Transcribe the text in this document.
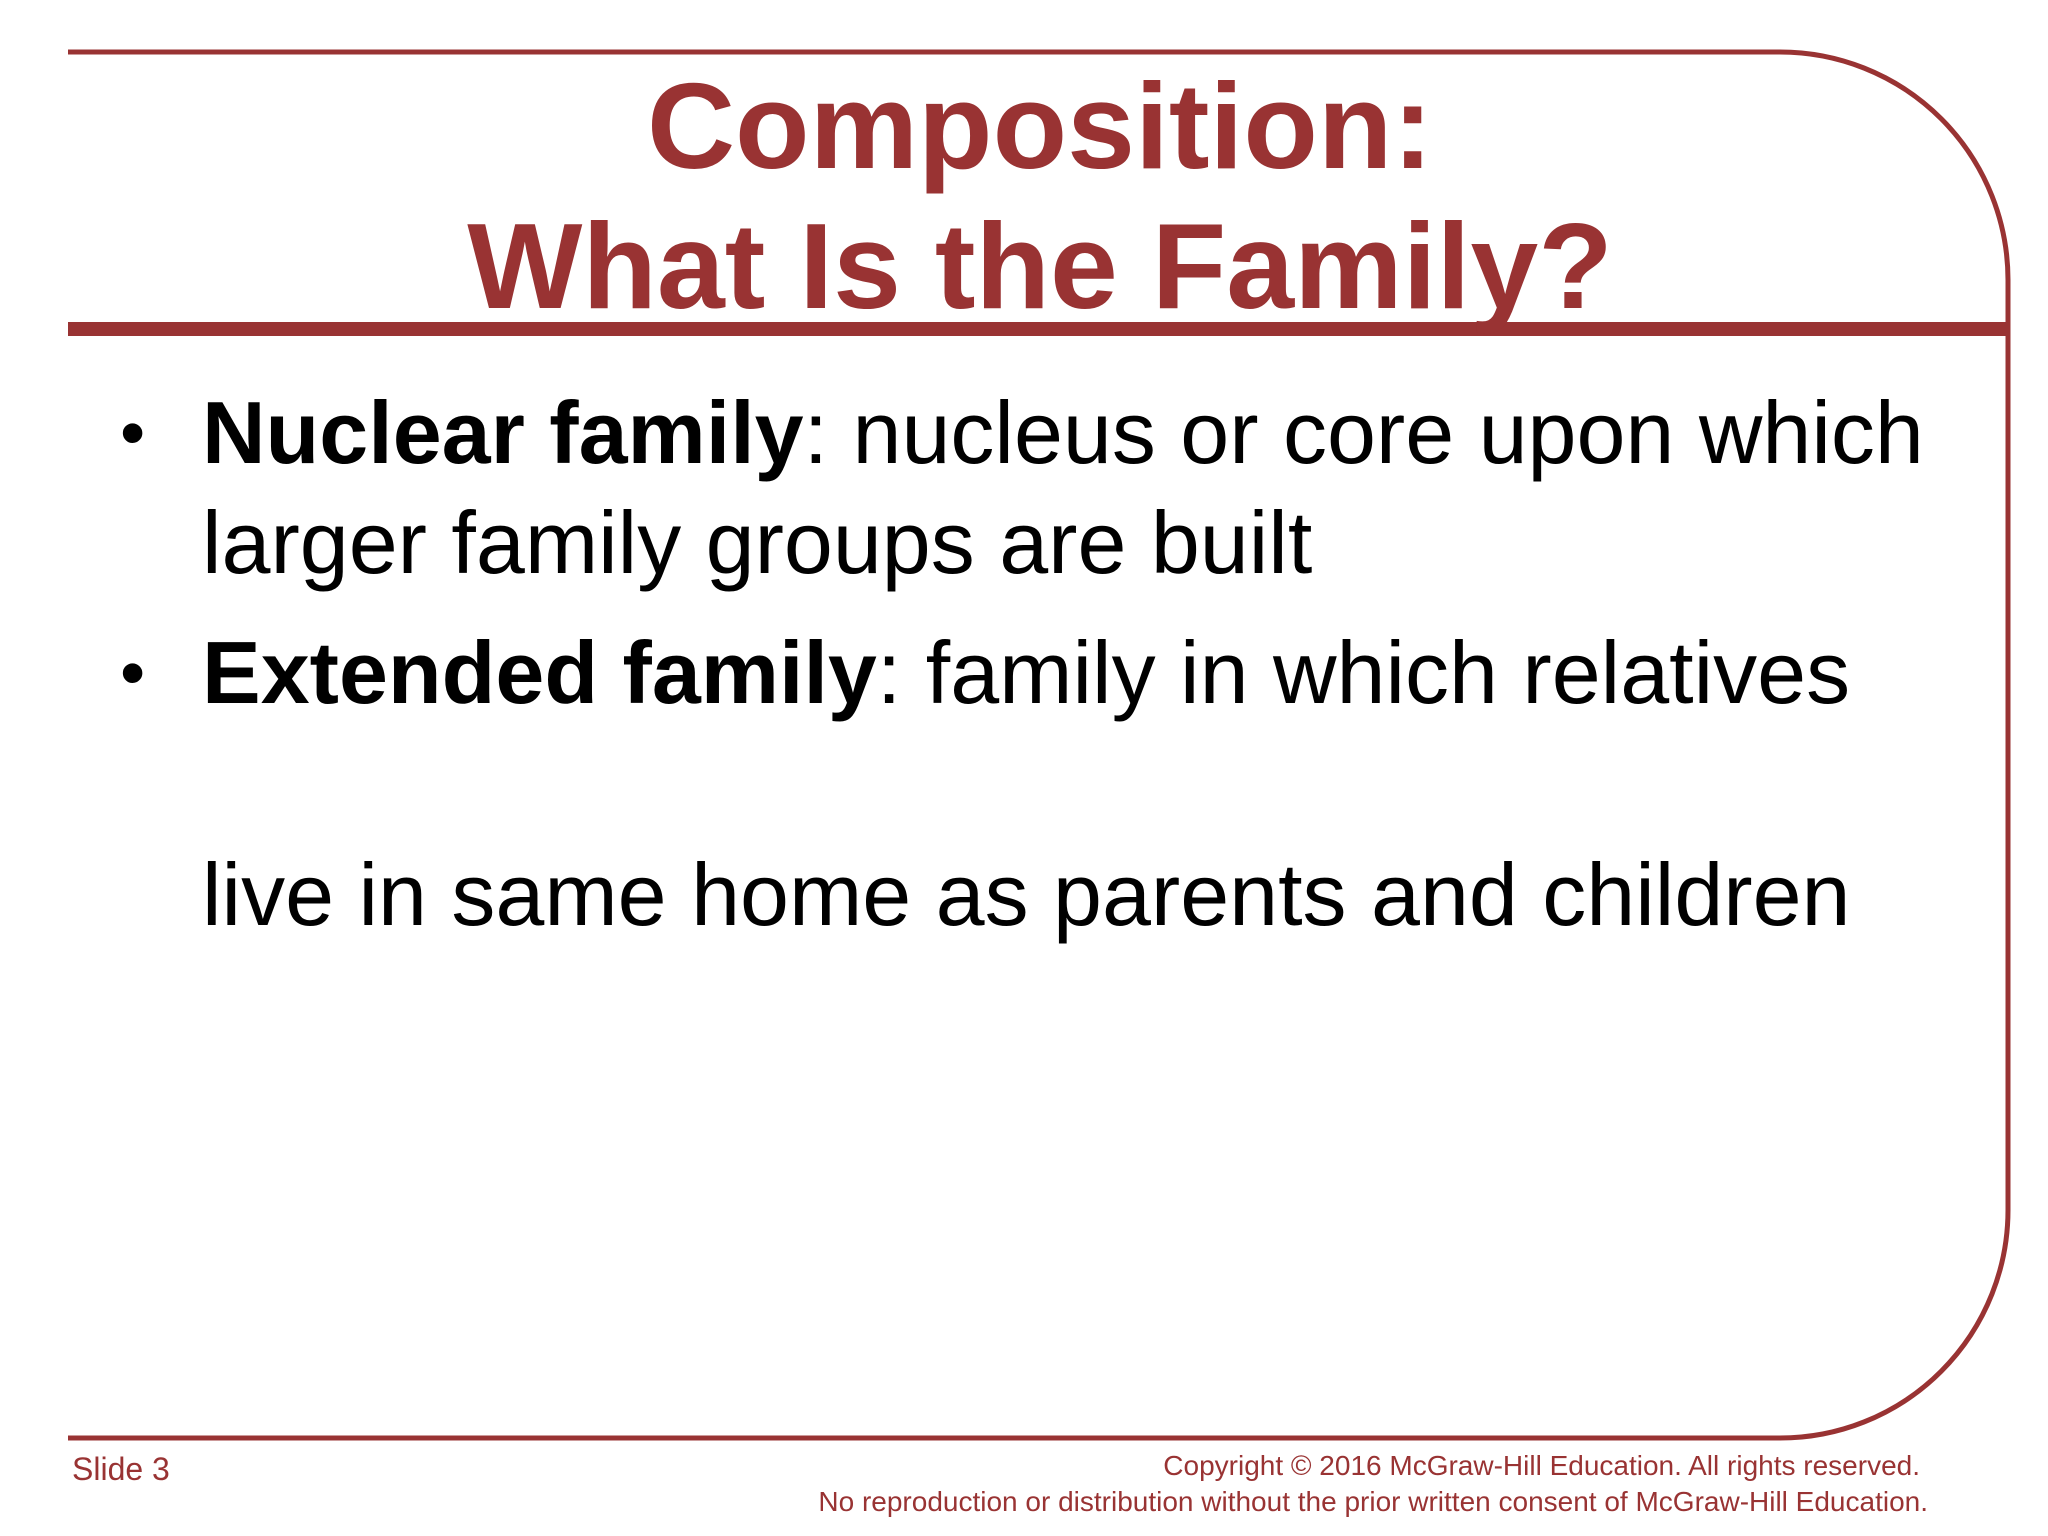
Composition:
What Is the Family?
• Nuclear family: nucleus or core upon which larger family groups are built
• Extended family: family in which relatives
live in same home as parents and children
Slide 3	Copyright © 2016 McGraw-Hill Education. All rights reserved.
No reproduction or distribution without the prior written consent of McGraw-Hill Education.
